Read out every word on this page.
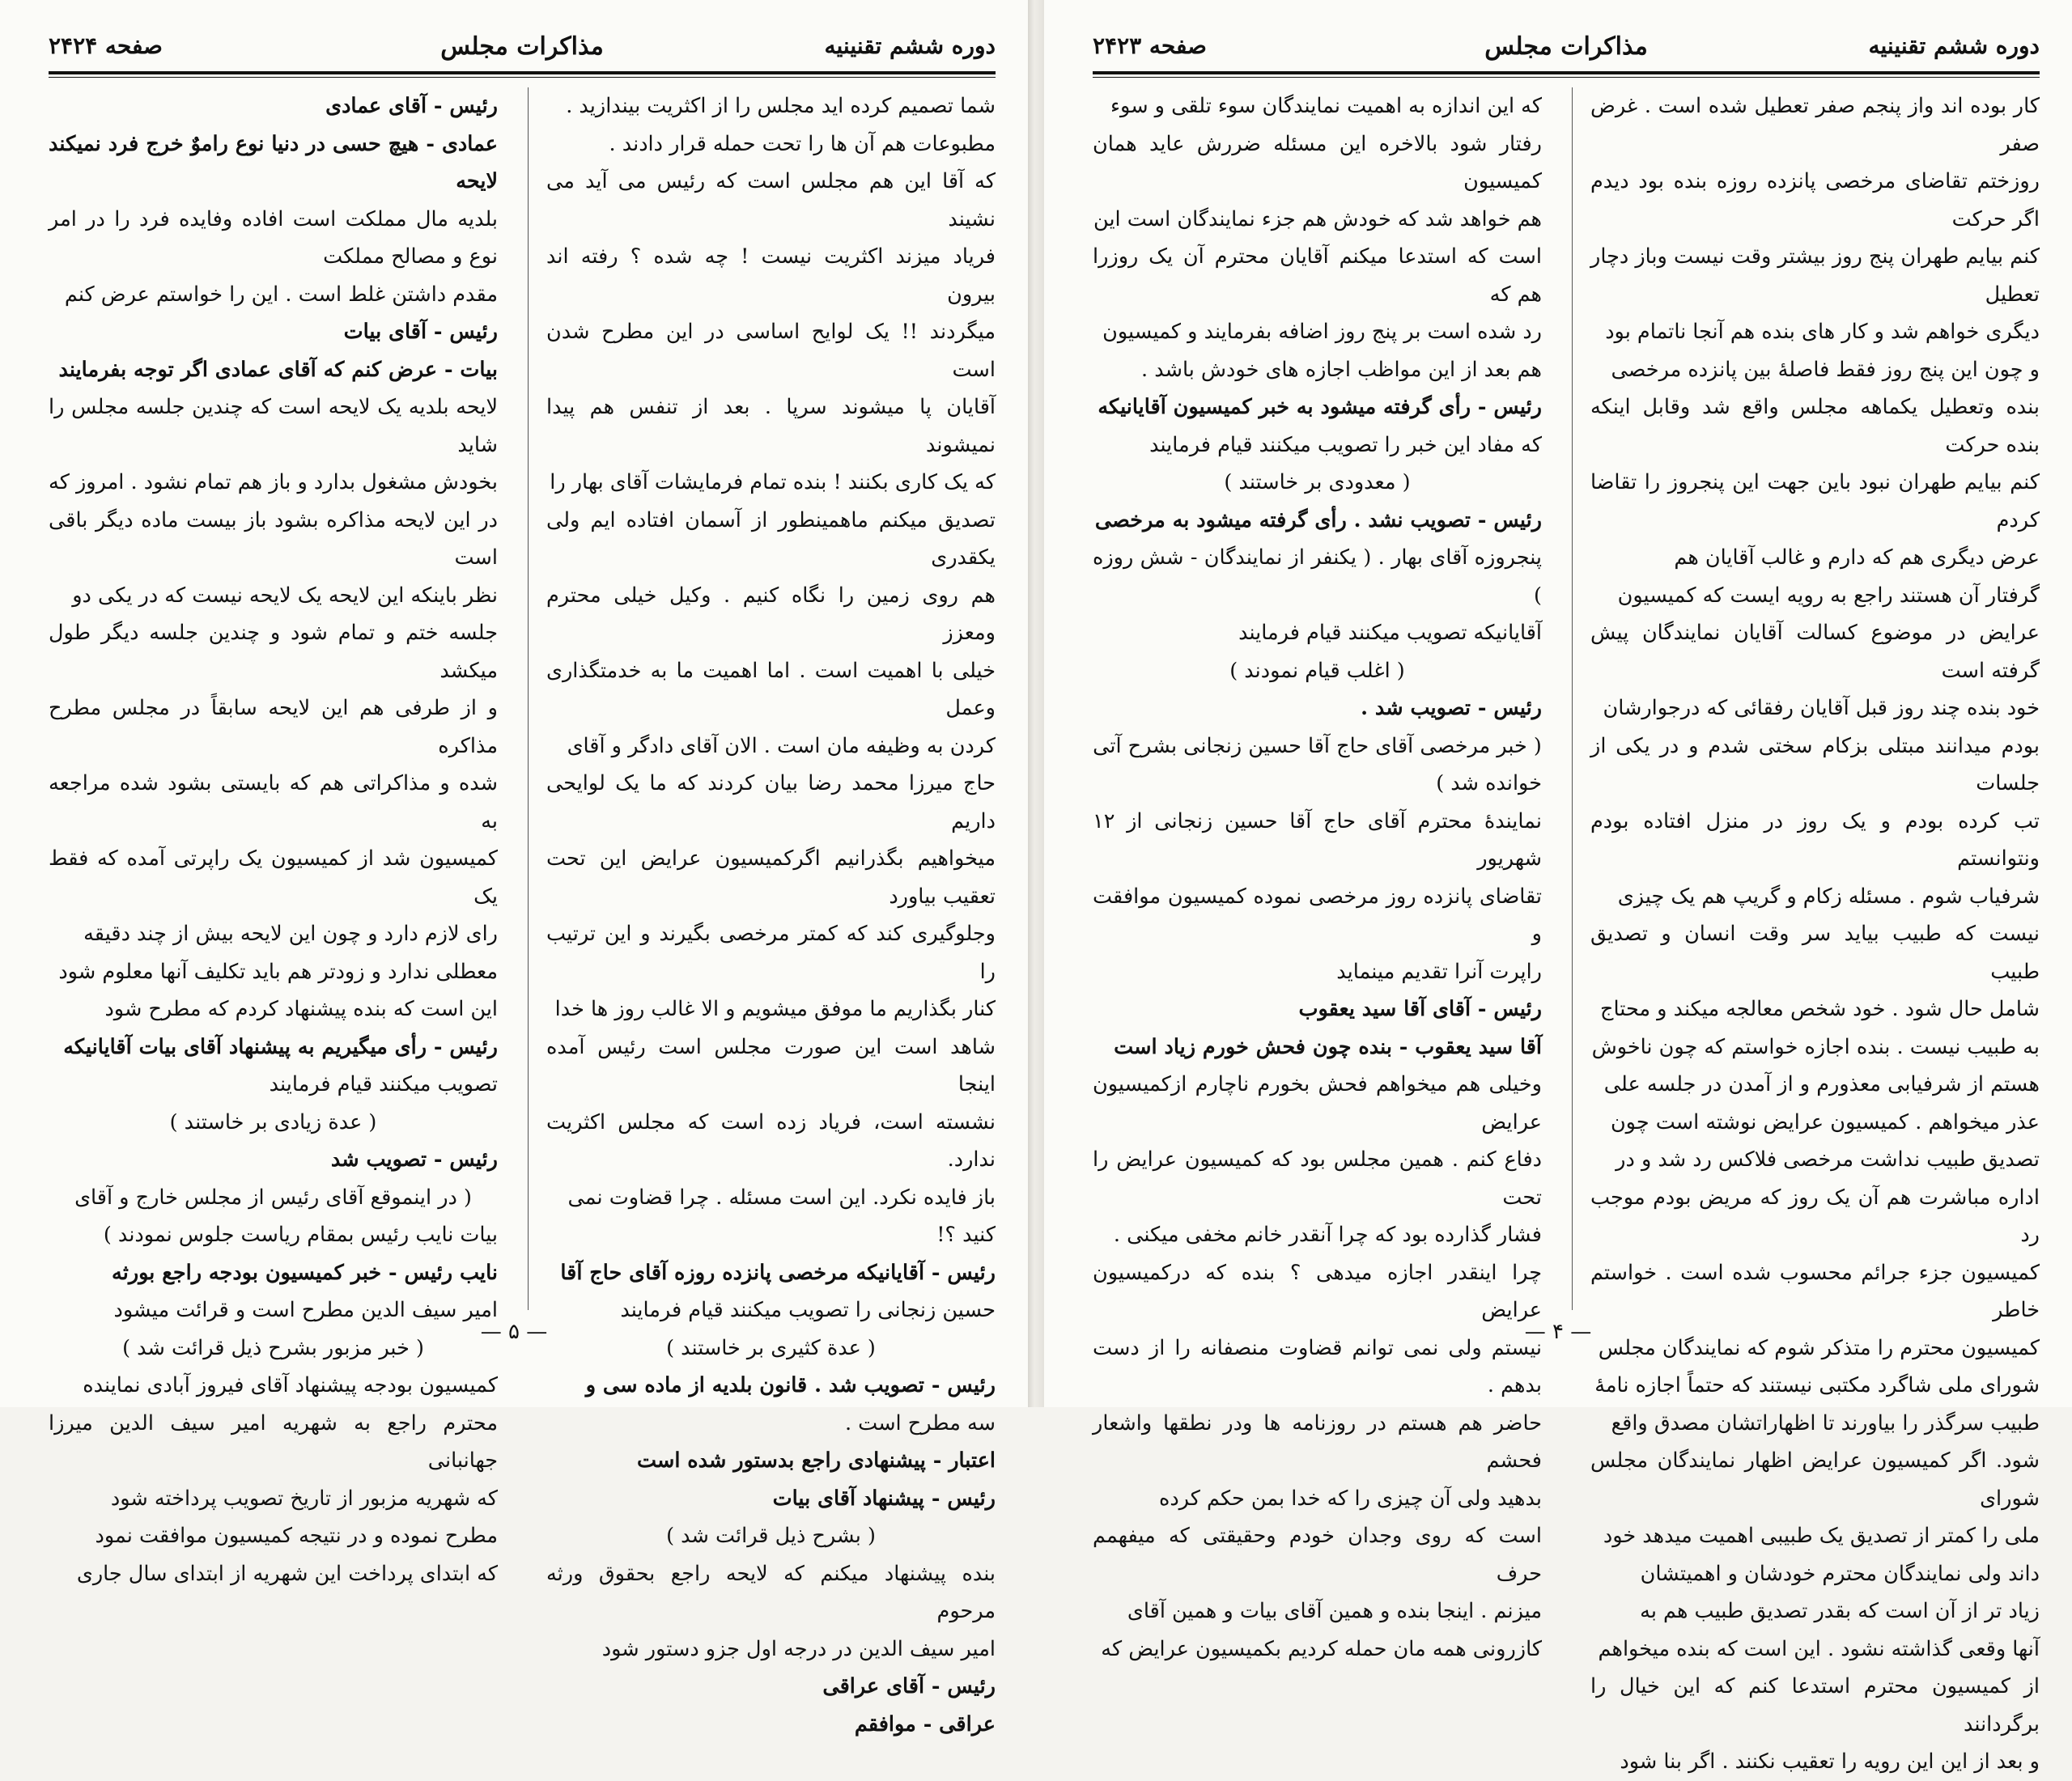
دوره ششم تقنینیه
مذاکرات مجلس
صفحه ۲۴۲۴

شما تصمیم کرده اید مجلس را از اکثریت بیندازید .

مطبوعات هم آن ها را تحت حمله قرار دادند .

که آقا این هم مجلس است که رئیس می آید می نشیند

فریاد میزند اکثریت نیست ! چه شده ؟ رفته اند بیرون

میگردند !! یک لوایح اساسی در این مطرح شدن است

آقایان پا میشوند سرپا . بعد از تنفس هم پیدا نمیشوند

که یک کاری بکنند ! بنده تمام فرمایشات آقای بهار را

تصدیق میکنم ماهمینطور از آسمان افتاده ایم ولی یکقدری

هم روی زمین را نگاه کنیم . وکیل خیلی محترم ومعزز

خیلی با اهمیت است . اما اهمیت ما به خدمتگذاری وعمل

کردن به وظیفه مان است . الان آقای دادگر و آقای

حاج میرزا محمد رضا بیان کردند که ما یک لوایحی داریم

میخواهیم بگذرانیم اگرکمیسیون عرایض این تحت تعقیب بیاورد

وجلوگیری کند که کمتر مرخصی بگیرند و این ترتیب را

کنار بگذاریم ما موفق میشویم و الا غالب روز ها خدا

شاهد است این صورت مجلس است رئیس آمده اینجا

نشسته است، فریاد زده است که مجلس اکثریت ندارد.

باز فایده نکرد. این است مسئله . چرا قضاوت نمی

کنید ؟!

رئیس - آقایانیکه مرخصی پانزده روزه آقای حاج آقا

حسین زنجانی را تصویب میکنند قیام فرمایند

( عدة کثیری بر خاستند )

رئیس - تصویب شد . قانون بلدیه از ماده سی و

سه مطرح است .

اعتبار - پیشنهادی راجع بدستور شده است

رئیس - پیشنهاد آقای بیات

( بشرح ذیل قرائت شد )

بنده پیشنهاد میکنم که لایحه راجع بحقوق ورثه مرحوم

امیر سیف الدین در درجه اول جزو دستور شود

رئیس - آقای عراقی

عراقی - موافقم

رئیس - آقای عمادی

عمادی - هیچ حسی در دنیا نوع راموٌ خرج فرد نمیکند لایحه

بلدیه مال مملکت است افاده وفایده فرد را در امر نوع و مصالح مملکت

مقدم داشتن غلط است . این را خواستم عرض کنم

رئیس - آقای بیات

بیات - عرض کنم که آقای عمادی اگر توجه بفرمایند

لایحه بلدیه یک لایحه است که چندین جلسه مجلس را شاید

بخودش مشغول بدارد و باز هم تمام نشود . امروز که

در این لایحه مذاکره بشود باز بیست ماده دیگر باقی است

نظر باینکه این لایحه یک لایحه نیست که در یکی دو

جلسه ختم و تمام شود و چندین جلسه دیگر طول میکشد

و از طرفی هم این لایحه سابقاً در مجلس مطرح مذاکره

شده و مذاکراتی هم که بایستی بشود شده مراجعه به

کمیسیون شد از کمیسیون یک راپرتی آمده که فقط یک

رای لازم دارد و چون این لایحه بیش از چند دقیقه

معطلی ندارد و زودتر هم باید تکلیف آنها معلوم شود

این است که بنده پیشنهاد کردم که مطرح شود

رئیس - رأی میگیریم به پیشنهاد آقای بیات آقایانیکه

تصویب میکنند قیام فرمایند

( عدة زیادی بر خاستند )

رئیس - تصویب شد

( در اینموقع آقای رئیس از مجلس خارج و آقای

بیات نایب رئیس بمقام ریاست جلوس نمودند )

نایب رئیس - خبر کمیسیون بودجه راجع بورثه

امیر سیف الدین مطرح است و قرائت میشود

( خبر مزبور بشرح ذیل قرائت شد )

کمیسیون بودجه پیشنهاد آقای فیروز آبادی نماینده

محترم راجع به شهریه امیر سیف الدین میرزا جهانبانی

که شهریه مزبور از تاریخ تصویب پرداخته شود

مطرح نموده و در نتیجه کمیسیون موافقت نمود

که ابتدای پرداخت این شهریه از ابتدای سال جاری

— ۵ —
دوره ششم تقنینیه
مذاکرات مجلس
صفحه ۲۴۲۳

کار بوده اند واز پنجم صفر تعطیل شده است . غرض صفر

روزختم تقاضای مرخصی پانزده روزه بنده بود دیدم اگر حرکت

کنم بیایم طهران پنج روز بیشتر وقت نیست وباز دچار تعطیل

دیگری خواهم شد و کار های بنده هم آنجا ناتمام بود

و چون این پنج روز فقط فاصلهٔ بین پانزده مرخصی

بنده وتعطیل یکماهه مجلس واقع شد وقابل اینکه بنده حرکت

کنم بیایم طهران نبود باین جهت این پنجروز را تقاضا کردم

عرض دیگری هم که دارم و غالب آقایان هم

گرفتار آن هستند راجع به رویه ایست که کمیسیون

عرایض در موضوع کسالت آقایان نمایندگان پیش گرفته است

خود بنده چند روز قبل آقایان رفقائی که درجوارشان

بودم میدانند مبتلی بزکام سختی شدم و در یکی از جلسات

تب کرده بودم و یک روز در منزل افتاده بودم ونتوانستم

شرفیاب شوم . مسئله زکام و گریپ هم یک چیزی

نیست که طبیب بیاید سر وقت انسان و تصدیق طبیب

شامل حال شود . خود شخص معالجه میکند و محتاج

به طبیب نیست . بنده اجازه خواستم که چون ناخوش

هستم از شرفیابی معذورم و از آمدن در جلسه علی

عذر میخواهم . کمیسیون عرایض نوشته است چون

تصدیق طبیب نداشت مرخصی فلاکس رد شد و در

اداره مباشرت هم آن یک روز که مریض بودم موجب رد

کمیسیون جزء جرائم محسوب شده است . خواستم خاطر

کمیسیون محترم را متذکر شوم که نمایندگان مجلس

شورای ملی شاگرد مکتبی نیستند که حتماً اجازه نامهٔ

طبیب سرگذر را بیاورند تا اظهاراتشان مصدق واقع

شود. اگر کمیسیون عرایض اظهار نمایندگان مجلس شورای

ملی را کمتر از تصدیق یک طبیبی اهمیت میدهد خود

داند ولی نمایندگان محترم خودشان و اهمیتشان

زیاد تر از آن است که بقدر تصدیق طبیب هم به

آنها وقعی گذاشته نشود . این است که بنده میخواهم

از کمیسیون محترم استدعا کنم که این خیال را برگردانند

و بعد از این این رویه را تعقیب نکنند . اگر بنا شود

که این اندازه به اهمیت نمایندگان سوء تلقی و سوء

رفتار شود بالاخره این مسئله ضررش عاید همان کمیسیون

هم خواهد شد که خودش هم جزء نمایندگان است این

است که استدعا میکنم آقایان محترم آن یک روزرا هم که

رد شده است بر پنج روز اضافه بفرمایند و کمیسیون

هم بعد از این مواظب اجازه های خودش باشد .

رئیس - رأی گرفته میشود به خبر کمیسیون آقایانیکه

که مفاد این خبر را تصویب میکنند قیام فرمایند

( معدودی بر خاستند )

رئیس - تصویب نشد . رأی گرفته میشود به مرخصی

پنجروزه آقای بهار . ( یکنفر از نمایندگان - شش روزه )

آقایانیکه تصویب میکنند قیام فرمایند

( اغلب قیام نمودند )

رئیس - تصویب شد .

( خبر مرخصی آقای حاج آقا حسین زنجانی بشرح آتی

خوانده شد )

نمایندهٔ محترم آقای حاج آقا حسین زنجانی از ۱۲ شهریور

تقاضای پانزده روز مرخصی نموده کمیسیون موافقت و

راپرت آنرا تقدیم مینماید

رئیس - آقای آقا سید یعقوب

آقا سید یعقوب - بنده چون فحش خورم زیاد است

وخیلی هم میخواهم فحش بخورم ناچارم ازکمیسیون عرایض

دفاع کنم . همین مجلس بود که کمیسیون عرایض را تحت

فشار گذارده بود که چرا آنقدر خانم مخفی میکنی .

چرا اینقدر اجازه میدهی ؟ بنده که درکمیسیون عرایض

نیستم ولی نمی توانم قضاوت منصفانه را از دست بدهم .

حاضر هم هستم در روزنامه ها ودر نطقها واشعار فحشم

بدهید ولی آن چیزی را که خدا بمن حکم کرده

است که روی وجدان خودم وحقیقتی که میفهمم حرف

میزنم . اینجا بنده و همین آقای بیات و همین آقای

کازرونی همه مان حمله کردیم بکمیسیون عرایض که

— ۴ —
